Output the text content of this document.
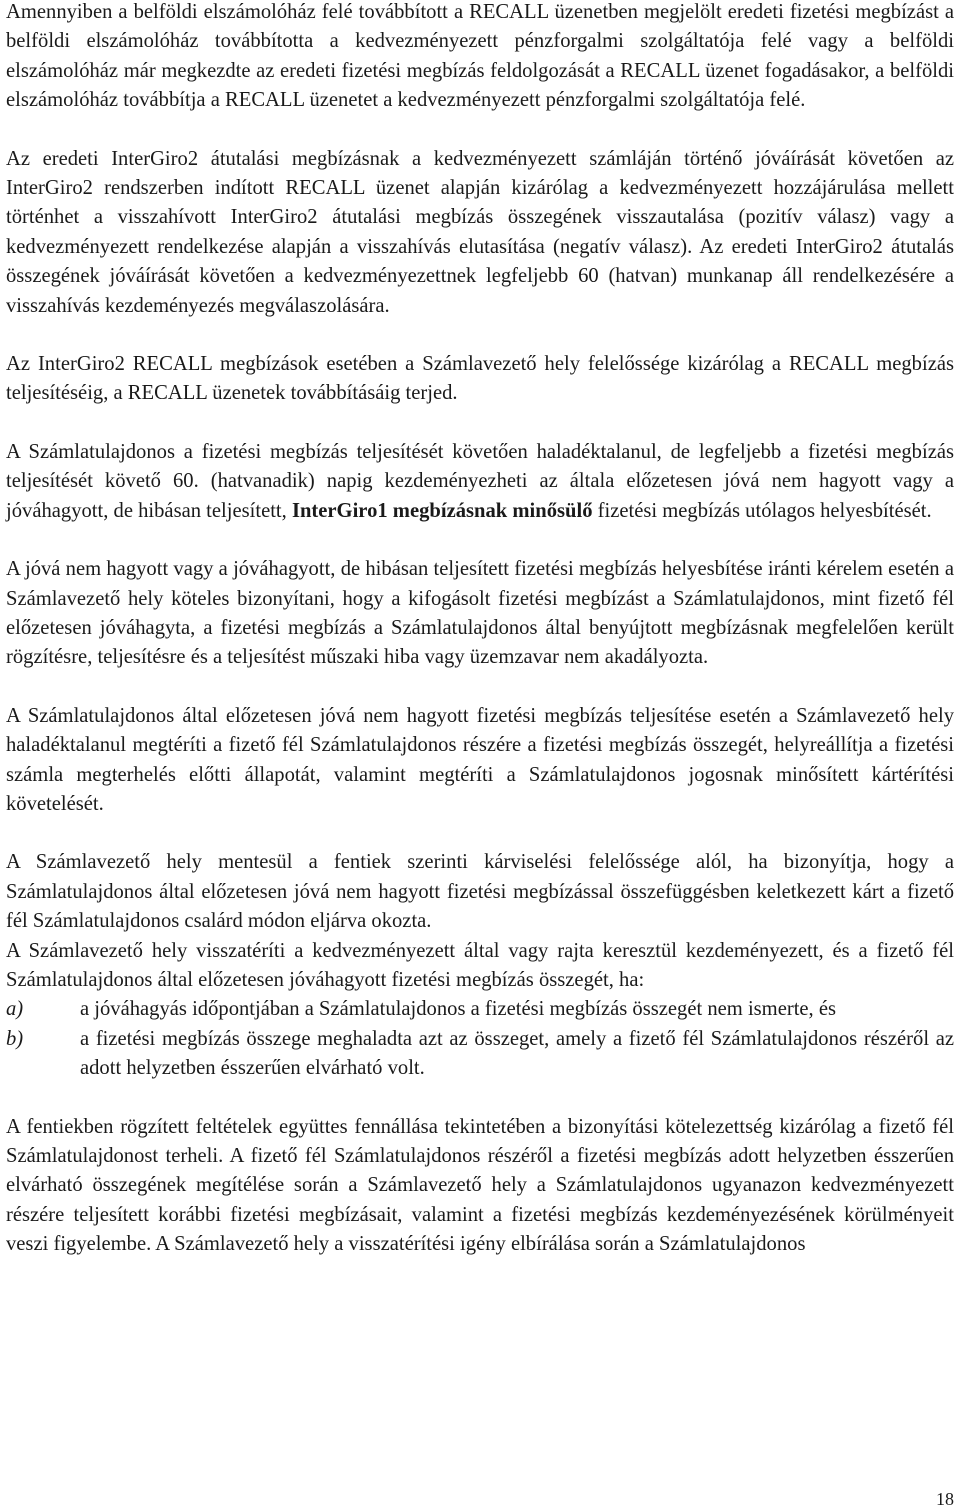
Amennyiben a belföldi elszámolóház felé továbbított a RECALL üzenetben megjelölt eredeti fizetési megbízást a belföldi elszámolóház továbbította a kedvezményezett pénzforgalmi szolgáltatója felé vagy a belföldi elszámolóház már megkezdte az eredeti fizetési megbízás feldolgozását a RECALL üzenet fogadásakor, a belföldi elszámolóház továbbítja a RECALL üzenetet a kedvezményezett pénzforgalmi szolgáltatója felé.

Az eredeti InterGiro2 átutalási megbízásnak a kedvezményezett számláján történő jóváírását követően az InterGiro2 rendszerben indított RECALL üzenet alapján kizárólag a kedvezményezett hozzájárulása mellett történhet a visszahívott InterGiro2 átutalási megbízás összegének visszautalása (pozitív válasz) vagy a kedvezményezett rendelkezése alapján a visszahívás elutasítása (negatív válasz). Az eredeti InterGiro2 átutalás összegének jóváírását követően a kedvezményezettnek legfeljebb 60 (hatvan) munkanap áll rendelkezésére a visszahívás kezdeményezés megválaszolására.

Az InterGiro2 RECALL megbízások esetében a Számlavezető hely felelőssége kizárólag a RECALL megbízás teljesítéséig, a RECALL üzenetek továbbításáig terjed.

A Számlatulajdonos a fizetési megbízás teljesítését követően haladéktalanul, de legfeljebb a fizetési megbízás teljesítését követő 60. (hatvanadik) napig kezdeményezheti az általa előzetesen jóvá nem hagyott vagy a jóváhagyott, de hibásan teljesített, InterGiro1 megbízásnak minősülő fizetési megbízás utólagos helyesbítését.

A jóvá nem hagyott vagy a jóváhagyott, de hibásan teljesített fizetési megbízás helyesbítése iránti kérelem esetén a Számlavezető hely köteles bizonyítani, hogy a kifogásolt fizetési megbízást a Számlatulajdonos, mint fizető fél előzetesen jóváhagyta, a fizetési megbízás a Számlatulajdonos által benyújtott megbízásnak megfelelően került rögzítésre, teljesítésre és a teljesítést műszaki hiba vagy üzemzavar nem akadályozta.

A Számlatulajdonos által előzetesen jóvá nem hagyott fizetési megbízás teljesítése esetén a Számlavezető hely haladéktalanul megtéríti a fizető fél Számlatulajdonos részére a fizetési megbízás összegét, helyreállítja a fizetési számla megterhelés előtti állapotát, valamint megtéríti a Számlatulajdonos jogosnak minősített kártérítési követelését.

A Számlavezető hely mentesül a fentiek szerinti kárviselési felelőssége alól, ha bizonyítja, hogy a Számlatulajdonos által előzetesen jóvá nem hagyott fizetési megbízással összefüggésben keletkezett kárt a fizető fél Számlatulajdonos csalárd módon eljárva okozta.

A Számlavezető hely visszatéríti a kedvezményezett által vagy rajta keresztül kezdeményezett, és a fizető fél Számlatulajdonos által előzetesen jóváhagyott fizetési megbízás összegét, ha:

a)	a jóváhagyás időpontjában a Számlatulajdonos a fizetési megbízás összegét nem ismerte, és
b)	a fizetési megbízás összege meghaladta azt az összeget, amely a fizető fél Számlatulajdonos részéről az adott helyzetben ésszerűen elvárható volt.

A fentiekben rögzített feltételek együttes fennállása tekintetében a bizonyítási kötelezettség kizárólag a fizető fél Számlatulajdonost terheli. A fizető fél Számlatulajdonos részéről a fizetési megbízás adott helyzetben ésszerűen elvárható összegének megítélése során a Számlavezető hely a Számlatulajdonos ugyanazon kedvezményezett részére teljesített korábbi fizetési megbízásait, valamint a fizetési megbízás kezdeményezésének körülményeit veszi figyelembe. A Számlavezető hely a visszatérítési igény elbírálása során a Számlatulajdonos

18
